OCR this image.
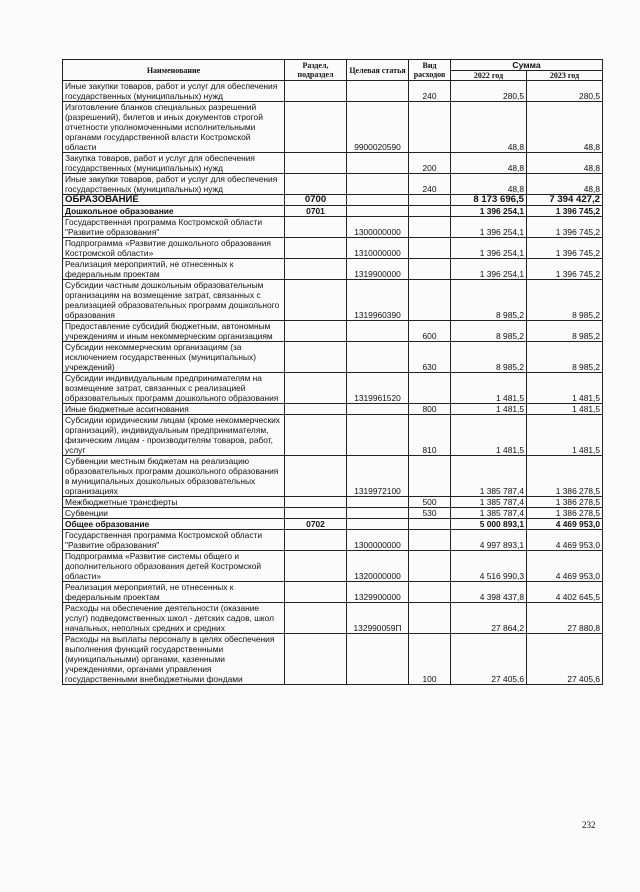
Наименование	Раздел, подраздел	Целевая статья	Вид расходов	Сумма	
				2022 год	2023 год
Иные закупки товаров, работ и услуг для обеспечения государственных (муниципальных) нужд			240	280,5	280,5
Изготовление бланков специальных разрешений (разрешений), билетов и иных документов строгой отчетности уполномоченными исполнительными органами государственной власти Костромской области		9900020590		48,8	48,8
Закупка товаров, работ и услуг для обеспечения государственных (муниципальных) нужд			200	48,8	48,8
Иные закупки товаров, работ и услуг для обеспечения государственных (муниципальных) нужд			240	48,8	48,8
ОБРАЗОВАНИЕ	0700			8 173 696,5	7 394 427,2
Дошкольное образование	0701			1 396 254,1	1 396 745,2
Государственная программа Костромской области "Развитие образования"		1300000000		1 396 254,1	1 396 745,2
Подпрограмма «Развитие дошкольного образования Костромской области»		1310000000		1 396 254,1	1 396 745,2
Реализация мероприятий, не отнесенных к федеральным проектам		1319900000		1 396 254,1	1 396 745,2
Субсидии частным дошкольным образовательным организациям на возмещение затрат, связанных с реализацией образовательных программ дошкольного образования		1319960390		8 985,2	8 985,2
Предоставление субсидий бюджетным, автономным учреждениям и иным некоммерческим организациям			600	8 985,2	8 985,2
Субсидии некоммерческим организациям (за исключением государственных (муниципальных) учреждений)			630	8 985,2	8 985,2
Субсидии индивидуальным предпринимателям на возмещение затрат, связанных с реализацией образовательных программ дошкольного образования		1319961520		1 481,5	1 481,5
Иные бюджетные ассигнования			800	1 481,5	1 481,5
Субсидии юридическим лицам (кроме некоммерческих организаций), индивидуальным предпринимателям, физическим лицам - производителям товаров, работ, услуг			810	1 481,5	1 481,5
Субвенции местным бюджетам на реализацию образовательных программ дошкольного образования в муниципальных дошкольных образовательных организациях		1319972100		1 385 787,4	1 386 278,5
Межбюджетные трансферты			500	1 385 787,4	1 386 278,5
Субвенции			530	1 385 787,4	1 386 278,5
Общее образование	0702			5 000 893,1	4 469 953,0
Государственная программа Костромской области "Развитие образования"		1300000000		4 997 893,1	4 469 953,0
Подпрограмма «Развитие системы общего и дополнительного образования детей Костромской области»		1320000000		4 516 990,3	4 469 953,0
Реализация мероприятий, не отнесенных к федеральным проектам		1329900000		4 398 437,8	4 402 645,5
Расходы на обеспечение деятельности (оказание услуг) подведомственных школ - детских садов, школ начальных, неполных средних и средних		132990059П		27 864,2	27 880,8
Расходы на выплаты персоналу в целях обеспечения выполнения функций государственными (муниципальными) органами, казенными учреждениями, органами управления государственными внебюджетными фондами			100	27 405,6	27 405,6
232
